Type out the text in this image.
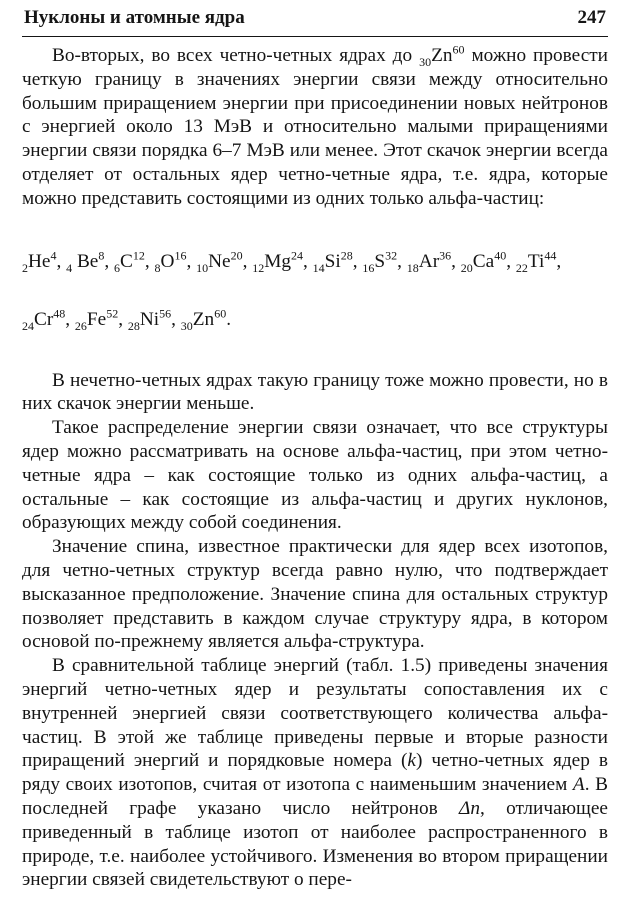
Нуклоны и атомные ядра	247

Во-вторых, во всех четно-четных ядрах до $_{30}Zn^{60}$ можно провести четкую границу в значениях энергии связи между относительно большим приращением энергии при присоединении новых нейтронов с энергией около 13 МэВ и относительно малыми приращениями энергии связи порядка 6–7 МэВ или менее. Этот скачок энергии всегда отделяет от остальных ядер четно-четные ядра, т.е. ядра, которые можно представить состоящими из одних только альфа-частиц:

$_2He^4$, $_4$ Be$^8$, $_6C^{12}$, $_8O^{16}$, $_{10}Ne^{20}$, $_{12}Mg^{24}$, $_{14}Si^{28}$, $_{16}S^{32}$, $_{18}Ar^{36}$, $_{20}Ca^{40}$, $_{22}Ti^{44}$,
$_{24}Cr^{48}$, $_{26}Fe^{52}$, $_{28}Ni^{56}$, $_{30}Zn^{60}$.

В нечетно-четных ядрах такую границу тоже можно провести, но в них скачок энергии меньше.

Такое распределение энергии связи означает, что все структуры ядер можно рассматривать на основе альфа-частиц, при этом четно-четные ядра – как состоящие только из одних альфа-частиц, а остальные – как состоящие из альфа-частиц и других нуклонов, образующих между собой соединения.

Значение спина, известное практически для ядер всех изотопов, для четно-четных структур всегда равно нулю, что подтверждает высказанное предположение. Значение спина для остальных структур позволяет представить в каждом случае структуру ядра, в котором основой по-прежнему является альфа-структура.

В сравнительной таблице энергий (табл. 1.5) приведены значения энергий четно-четных ядер и результаты сопоставления их с внутренней энергией связи соответствующего количества альфа-частиц. В этой же таблице приведены первые и вторые разности приращений энергий и порядковые номера (k) четно-четных ядер в ряду своих изотопов, считая от изотопа с наименьшим значением A. В последней графе указано число нейтронов Δn, отличающее приведенный в таблице изотоп от наиболее распространенного в природе, т.е. наиболее устойчивого. Изменения во втором приращении энергии связей свидетельствуют о пере-
